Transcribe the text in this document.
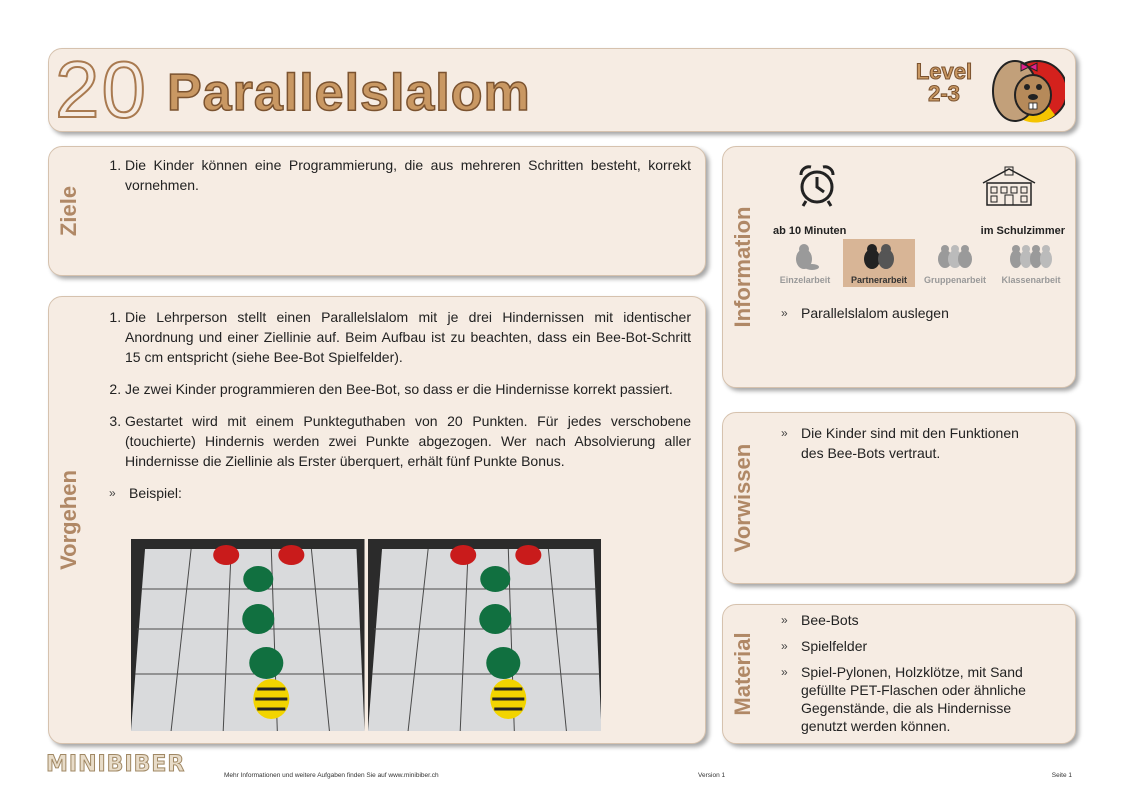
20 Parallelslalom	Level
2-3
Ziele
1. Die Kinder können eine Programmierung, die aus mehreren Schritten besteht, korrekt vornehmen.
Vorgehen
1. Die Lehrperson stellt einen Parallelslalom mit je drei Hindernissen mit identischer Anordnung und einer Ziellinie auf. Beim Aufbau ist zu beachten, dass ein Bee-Bot-Schritt 15 cm entspricht (siehe Bee-Bot Spielfelder).
2. Je zwei Kinder programmieren den Bee-Bot, so dass er die Hindernisse korrekt passiert.
3. Gestartet wird mit einem Punkteguthaben von 20 Punkten. Für jedes verschobene (touchierte) Hindernis werden zwei Punkte abgezogen. Wer nach Absolvierung aller Hindernisse die Ziellinie als Erster überquert, erhält fünf Punkte Bonus.
» Beispiel:
Information ab 10 Minuten	im Schulzimmer
Einzelarbeit	Partnerarbeit	Gruppenarbeit	Klassenarbeit
» Parallelslalom auslegen
Vorwissen
» Die Kinder sind mit den Funktionen des Bee-Bots vertraut.
Material
» Bee-Bots
» Spielfelder
» Spiel-Pylonen, Holzklötze, mit Sand gefüllte PET-Flaschen oder ähnliche Gegenstände, die als Hindernisse genutzt werden können.
MINIBIBER	Mehr Informationen und weitere Aufgaben finden Sie auf www.minibiber.ch	Version 1	Seite 1
